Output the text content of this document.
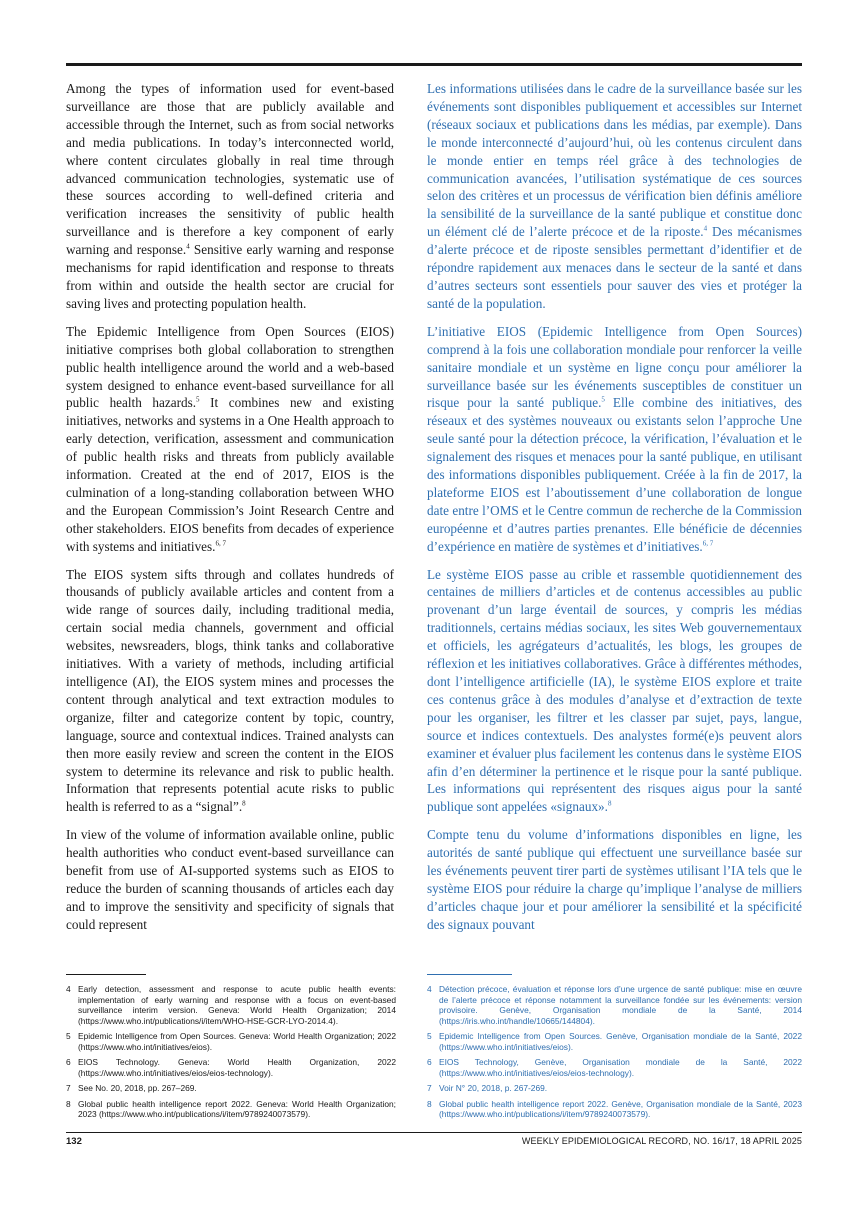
Among the types of information used for event-based surveillance are those that are publicly available and accessible through the Internet, such as from social networks and media publications. In today’s interconnected world, where content circulates globally in real time through advanced communication technologies, systematic use of these sources according to well-defined criteria and verification increases the sensitivity of public health surveillance and is therefore a key component of early warning and response.$^4$ Sensitive early warning and response mechanisms for rapid identification and response to threats from within and outside the health sector are crucial for saving lives and protecting population health.

The Epidemic Intelligence from Open Sources (EIOS) initiative comprises both global collaboration to strengthen public health intelligence around the world and a web-based system designed to enhance event-based surveillance for all public health hazards.$^5$ It combines new and existing initiatives, networks and systems in a One Health approach to early detection, verification, assessment and communication of public health risks and threats from publicly available information. Created at the end of 2017, EIOS is the culmination of a long-standing collaboration between WHO and the European Commission’s Joint Research Centre and other stakeholders. EIOS benefits from decades of experience with systems and initiatives.$^{6, 7}$

The EIOS system sifts through and collates hundreds of thousands of publicly available articles and content from a wide range of sources daily, including traditional media, certain social media channels, government and official websites, newsreaders, blogs, think tanks and collaborative initiatives. With a variety of methods, including artificial intelligence (AI), the EIOS system mines and processes the content through analytical and text extraction modules to organize, filter and categorize content by topic, country, language, source and contextual indices. Trained analysts can then more easily review and screen the content in the EIOS system to determine its relevance and risk to public health. Information that represents potential acute risks to public health is referred to as a “signal”.$^8$

In view of the volume of information available online, public health authorities who conduct event-based surveillance can benefit from use of AI-supported systems such as EIOS to reduce the burden of scanning thousands of articles each day and to improve the sensitivity and specificity of signals that could represent

Les informations utilisées dans le cadre de la surveillance basée sur les événements sont disponibles publiquement et accessibles sur Internet (réseaux sociaux et publications dans les médias, par exemple). Dans le monde interconnecté d’aujourd’hui, où les contenus circulent dans le monde entier en temps réel grâce à des technologies de communication avancées, l’utilisation systématique de ces sources selon des critères et un processus de vérification bien définis améliore la sensibilité de la surveillance de la santé publique et constitue donc un élément clé de l’alerte précoce et de la riposte.$^4$ Des mécanismes d’alerte précoce et de riposte sensibles permettant d’identifier et de répondre rapidement aux menaces dans le secteur de la santé et dans d’autres secteurs sont essentiels pour sauver des vies et protéger la santé de la population.

L’initiative EIOS (Epidemic Intelligence from Open Sources) comprend à la fois une collaboration mondiale pour renforcer la veille sanitaire mondiale et un système en ligne conçu pour améliorer la surveillance basée sur les événements susceptibles de constituer un risque pour la santé publique.$^5$ Elle combine des initiatives, des réseaux et des systèmes nouveaux ou existants selon l’approche Une seule santé pour la détection précoce, la vérification, l’évaluation et le signalement des risques et menaces pour la santé publique, en utilisant des informations disponibles publiquement. Créée à la fin de 2017, la plateforme EIOS est l’aboutissement d’une collaboration de longue date entre l’OMS et le Centre commun de recherche de la Commission européenne et d’autres parties prenantes. Elle bénéficie de décennies d’expérience en matière de systèmes et d’initiatives.$^{6, 7}$

Le système EIOS passe au crible et rassemble quotidiennement des centaines de milliers d’articles et de contenus accessibles au public provenant d’un large éventail de sources, y compris les médias traditionnels, certains médias sociaux, les sites Web gouvernementaux et officiels, les agrégateurs d’actualités, les blogs, les groupes de réflexion et les initiatives collaboratives. Grâce à différentes méthodes, dont l’intelligence artificielle (IA), le système EIOS explore et traite ces contenus grâce à des modules d’analyse et d’extraction de texte pour les organiser, les filtrer et les classer par sujet, pays, langue, source et indices contextuels. Des analystes formé(e)s peuvent alors examiner et évaluer plus facilement les contenus dans le système EIOS afin d’en déterminer la pertinence et le risque pour la santé publique. Les informations qui représentent des risques aigus pour la santé publique sont appelées «signaux».$^8$

Compte tenu du volume d’informations disponibles en ligne, les autorités de santé publique qui effectuent une surveillance basée sur les événements peuvent tirer parti de systèmes utilisant l’IA tels que le système EIOS pour réduire la charge qu’implique l’analyse de milliers d’articles chaque jour et pour améliorer la sensibilité et la spécificité des signaux pouvant

4 Early detection, assessment and response to acute public health events: implementation of early warning and response with a focus on event-based surveillance interim version. Geneva: World Health Organization; 2014 (https://www.who.int/publications/i/item/WHO-HSE-GCR-LYO-2014.4).
5 Epidemic Intelligence from Open Sources. Geneva: World Health Organization; 2022 (https://www.who.int/initiatives/eios).
6 EIOS Technology. Geneva: World Health Organization, 2022 (https://www.who.int/initiatives/eios/eios-technology).
7 See No. 20, 2018, pp. 267–269.
8 Global public health intelligence report 2022. Geneva: World Health Organization; 2023 (https://www.who.int/publications/i/item/9789240073579).
4 Détection précoce, évaluation et réponse lors d’une urgence de santé publique: mise en œuvre de l’alerte précoce et réponse notamment la surveillance fondée sur les événements: version provisoire. Genève, Organisation mondiale de la Santé, 2014 (https://iris.who.int/handle/10665/144804).
5 Epidemic Intelligence from Open Sources. Genève, Organisation mondiale de la Santé, 2022 (https://www.who.int/initiatives/eios).
6 EIOS Technology, Genève, Organisation mondiale de la Santé, 2022 (https://www.who.int/initiatives/eios/eios-technology).
7 Voir N° 20, 2018, p. 267-269.
8 Global public health intelligence report 2022. Genève, Organisation mondiale de la Santé, 2023 (https://www.who.int/publications/i/item/9789240073579).
132	WEEKLY EPIDEMIOLOGICAL RECORD, NO. 16/17, 18 APRIL 2025
